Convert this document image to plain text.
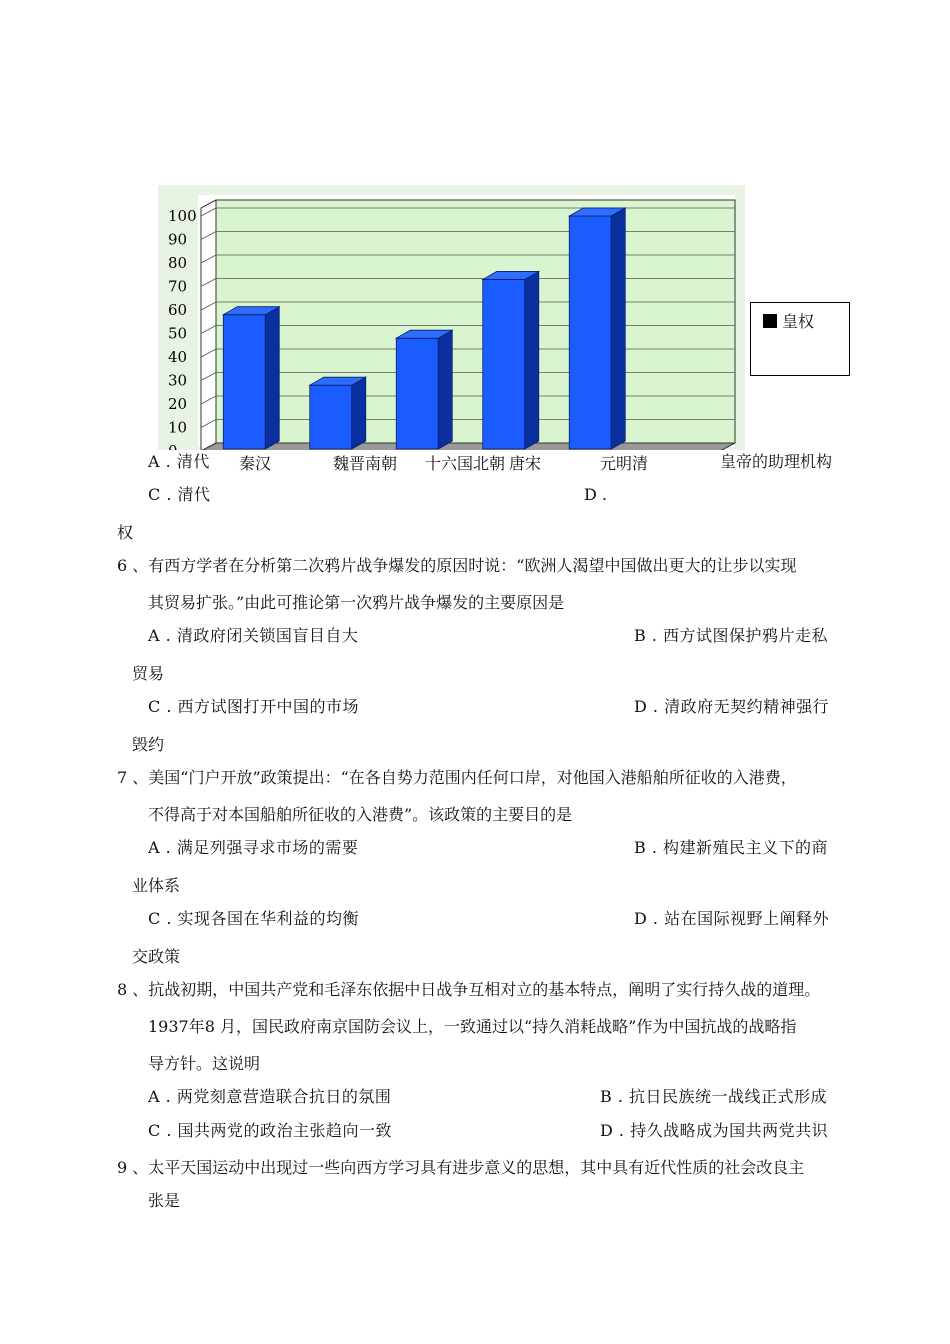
100
90
80
70
60
50
40
30
20
10
皇权
A . 清代	皇帝的助理机构
C . 清代	D .
权
6 、有西方学者在分析第二次鸦片战争爆发的原因时说：“欧洲人渴望中国做出更大的让步以实现
其贸易扩张。”由此可推论第一次鸦片战争爆发的主要原因是
A . 清政府闭关锁国盲目自大	B . 西方试图保护鸦片走私
贸易
C . 西方试图打开中国的市场	D . 清政府无契约精神强行
毁约
7 、美国“门户开放”政策提出：“在各自势力范围内任何口岸，对他国入港船舶所征收的入港费，
不得高于对本国船舶所征收的入港费”。该政策的主要目的是
A . 满足列强寻求市场的需要	B . 构建新殖民主义下的商
业体系
C . 实现各国在华利益的均衡	D . 站在国际视野上阐释外
交政策
8 、抗战初期，中国共产党和毛泽东依据中日战争互相对立的基本特点，阐明了实行持久战的道理。
1937年8 月，国民政府南京国防会议上，一致通过以“持久消耗战略”作为中国抗战的战略指
导方针。这说明
A . 两党刻意营造联合抗日的氛围	B . 抗日民族统一战线正式形成
C . 国共两党的政治主张趋向一致	D . 持久战略成为国共两党共识
9 、太平天国运动中出现过一些向西方学习具有进步意义的思想，其中具有近代性质的社会改良主
张是
秦汉	魏晋南朝 十六国北朝 唐宋	元明清
